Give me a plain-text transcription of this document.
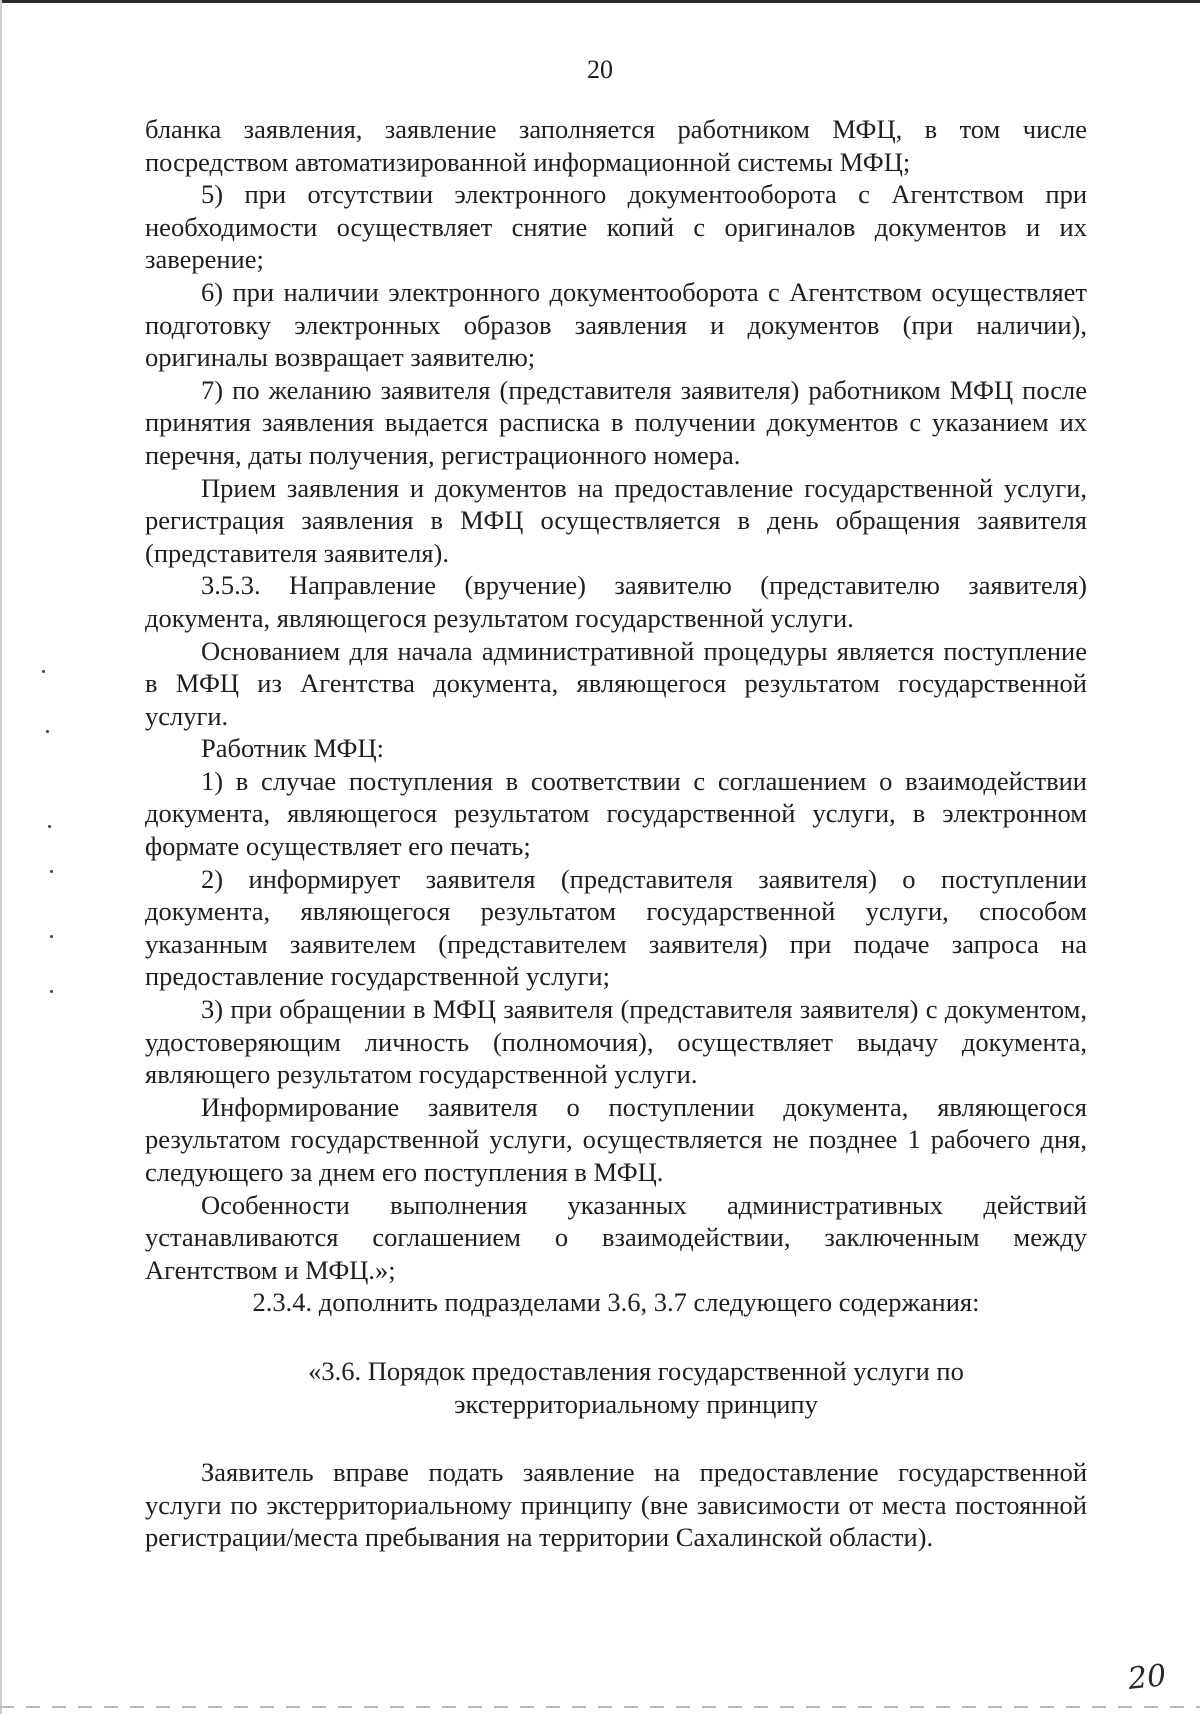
20

бланка заявления, заявление заполняется работником МФЦ, в том числе посредством автоматизированной информационной системы МФЦ;

5) при отсутствии электронного документооборота с Агентством при необходимости осуществляет снятие копий с оригиналов документов и их заверение;

6) при наличии электронного документооборота с Агентством осуществляет подготовку электронных образов заявления и документов (при наличии), оригиналы возвращает заявителю;

7) по желанию заявителя (представителя заявителя) работником МФЦ после принятия заявления выдается расписка в получении документов с указанием их перечня, даты получения, регистрационного номера.

Прием заявления и документов на предоставление государственной услуги, регистрация заявления в МФЦ осуществляется в день обращения заявителя (представителя заявителя).

3.5.3. Направление (вручение) заявителю (представителю заявителя) документа, являющегося результатом государственной услуги.

Основанием для начала административной процедуры является поступление в МФЦ из Агентства документа, являющегося результатом государственной услуги.

Работник МФЦ:

1) в случае поступления в соответствии с соглашением о взаимодействии документа, являющегося результатом государственной услуги, в электронном формате осуществляет его печать;

2) информирует заявителя (представителя заявителя) о поступлении документа, являющегося результатом государственной услуги, способом указанным заявителем (представителем заявителя) при подаче запроса на предоставление государственной услуги;

3) при обращении в МФЦ заявителя (представителя заявителя) с документом, удостоверяющим личность (полномочия), осуществляет выдачу документа, являющего результатом государственной услуги.

Информирование заявителя о поступлении документа, являющегося результатом государственной услуги, осуществляется не позднее 1 рабочего дня, следующего за днем его поступления в МФЦ.

Особенности выполнения указанных административных действий устанавливаются соглашением о взаимодействии, заключенным между Агентством и МФЦ.»;

2.3.4. дополнить подразделами 3.6, 3.7 следующего содержания:

«3.6. Порядок предоставления государственной услуги по
экстерриториальному принципу

Заявитель вправе подать заявление на предоставление государственной услуги по экстерриториальному принципу (вне зависимости от места постоянной регистрации/места пребывания на территории Сахалинской области).

20
